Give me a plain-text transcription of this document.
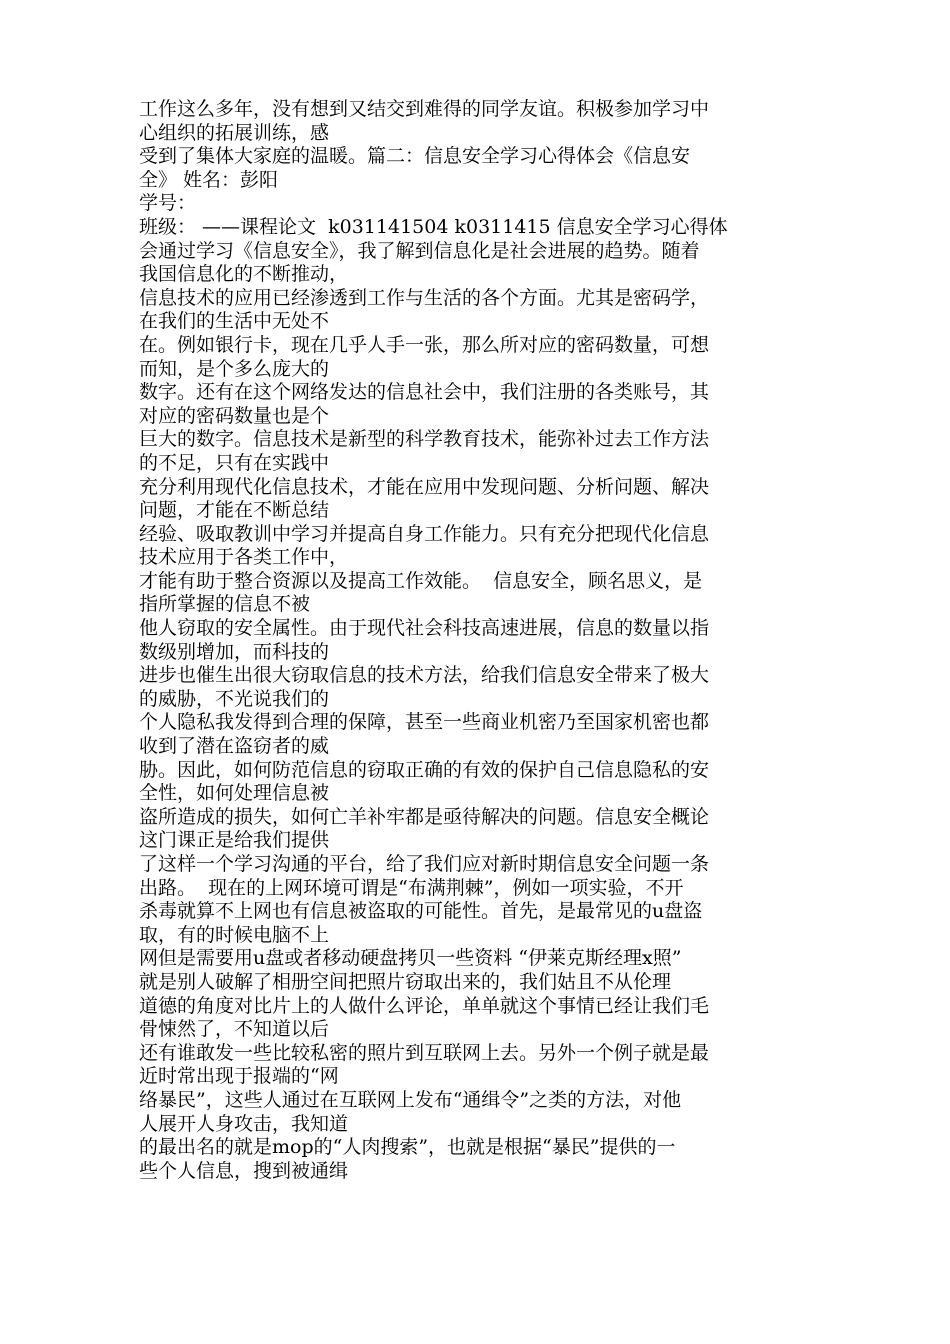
工作这么多年，没有想到又结交到难得的同学友谊。积极参加学习中
心组织的拓展训练，感
受到了集体大家庭的温暖。篇二：信息安全学习心得体会《信息安
全》 姓名：彭阳
学号：
班级： ——课程论文  k031141504 k0311415 信息安全学习心得体
会通过学习《信息安全》，我了解到信息化是社会进展的趋势。随着
我国信息化的不断推动，
信息技术的应用已经渗透到工作与生活的各个方面。尤其是密码学，
在我们的生活中无处不
在。例如银行卡，现在几乎人手一张，那么所对应的密码数量，可想
而知，是个多么庞大的
数字。还有在这个网络发达的信息社会中，我们注册的各类账号，其
对应的密码数量也是个
巨大的数字。信息技术是新型的科学教育技术，能弥补过去工作方法
的不足，只有在实践中
充分利用现代化信息技术，才能在应用中发现问题、分析问题、解决
问题，才能在不断总结
经验、吸取教训中学习并提高自身工作能力。只有充分把现代化信息
技术应用于各类工作中，
才能有助于整合资源以及提高工作效能。  信息安全，顾名思义，是
指所掌握的信息不被
他人窃取的安全属性。由于现代社会科技高速进展，信息的数量以指
数级别增加，而科技的
进步也催生出很大窃取信息的技术方法，给我们信息安全带来了极大
的威胁，不光说我们的
个人隐私我发得到合理的保障，甚至一些商业机密乃至国家机密也都
收到了潜在盗窃者的威
胁。因此，如何防范信息的窃取正确的有效的保护自己信息隐私的安
全性，如何处理信息被
盗所造成的损失，如何亡羊补牢都是亟待解决的问题。信息安全概论
这门课正是给我们提供
了这样一个学习沟通的平台，给了我们应对新时期信息安全问题一条
出路。  现在的上网环境可谓是“布满荆棘”，例如一项实验，不开
杀毒就算不上网也有信息被盗取的可能性。首先，是最常见的u盘盗
取，有的时候电脑不上
网但是需要用u盘或者移动硬盘拷贝一些资料 “伊莱克斯经理x照”
就是别人破解了相册空间把照片窃取出来的，我们姑且不从伦理
道德的角度对比片上的人做什么评论，单单就这个事情已经让我们毛
骨悚然了，不知道以后
还有谁敢发一些比较私密的照片到互联网上去。另外一个例子就是最
近时常出现于报端的“网
络暴民”，这些人通过在互联网上发布“通缉令”之类的方法，对他
人展开人身攻击，我知道
的最出名的就是mop的“人肉搜索”，也就是根据“暴民”提供的一
些个人信息，搜到被通缉
